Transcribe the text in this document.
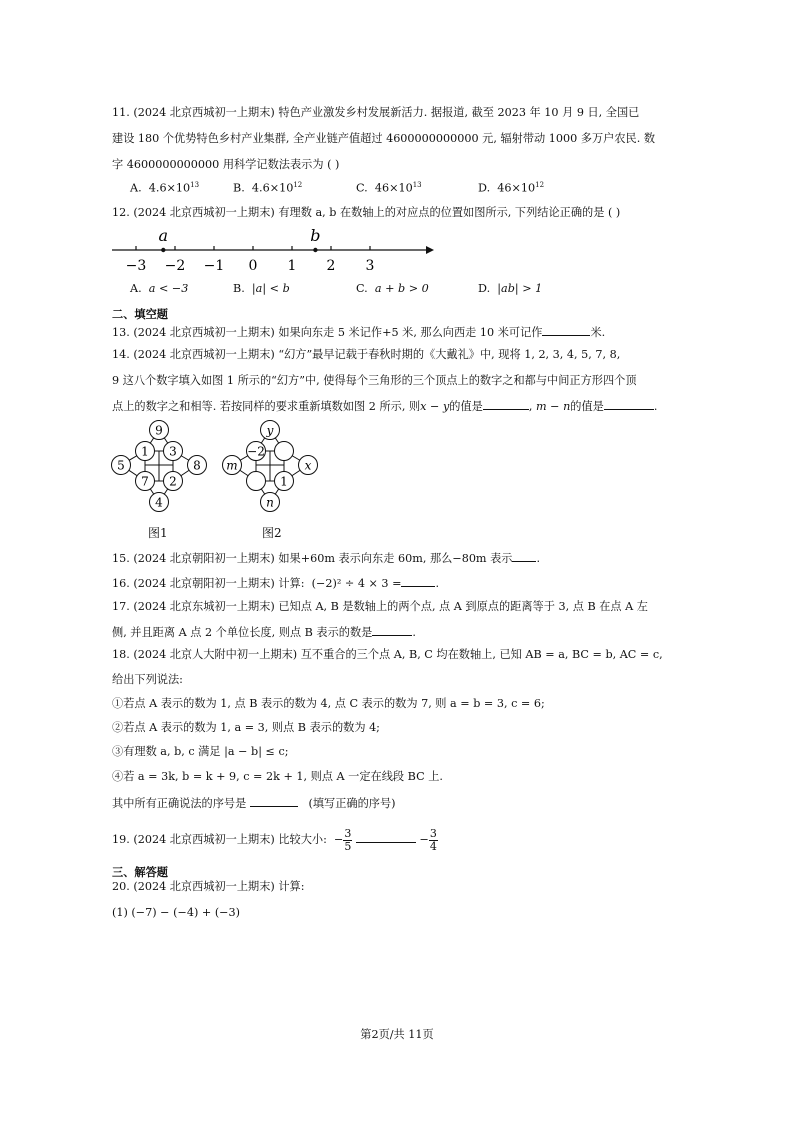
11. (2024 北京西城初一上期末) 特色产业激发乡村发展新活力. 据报道, 截至 2023 年 10 月 9 日, 全国已
建设 180 个优势特色乡村产业集群, 全产业链产值超过 4600000000000 元, 辐射带动 1000 多万户农民. 数
字 4600000000000 用科学记数法表示为 ( )
A. $4.6\times 10^{13}$	B. $4.6\times 10^{12}$	C. $46\times 10^{13}$	D. $46\times 10^{12}$
12. (2024 北京西城初一上期末) 有理数 a, b 在数轴上的对应点的位置如图所示, 下列结论正确的是 ( )
−3 −2 −1 0 1 2 3
a	b
A. a < −3	B. |a| < b	C. a + b > 0	D. |ab| > 1
二、填空题
13. (2024 北京西城初一上期末) 如果向东走 5 米记作+5 米, 那么向西走 10 米可记作	米.
14. (2024 北京西城初一上期末) “幻方”最早记载于春秋时期的《大戴礼》中, 现将 1, 2, 3, 4, 5, 7, 8,
9 这八个数字填入如图 1 所示的“幻方”中, 使得每个三角形的三个顶点上的数字之和都与中间正方形四个顶
点上的数字之和相等. 若按同样的要求重新填数如图 2 所示, 则x − y的值是	, m − n的值是	.
9
1 3
5	8
7 2
4
y
−2
m	x
1
n
图1	图2
15. (2024 北京朝阳初一上期末) 如果+60m 表示向东走 60m, 那么−80m 表示 .
16. (2024 北京朝阳初一上期末) 计算: (−2)² ÷ 4 × 3 =	.
17. (2024 北京东城初一上期末) 已知点 A, B 是数轴上的两个点, 点 A 到原点的距离等于 3, 点 B 在点 A 左
侧, 并且距离 A 点 2 个单位长度, 则点 B 表示的数是	.
18. (2024 北京人大附中初一上期末) 互不重合的三个点 A, B, C 均在数轴上, 已知 AB = a, BC = b, AC = c,
给出下列说法:
①若点 A 表示的数为 1, 点 B 表示的数为 4, 点 C 表示的数为 7, 则 a = b = 3, c = 6;
②若点 A 表示的数为 1, a = 3, 则点 B 表示的数为 4;
③有理数 a, b, c 满足 |a − b| ≤ c;
④若 a = 3k, b = k + 9, c = 2k + 1, 则点 A 一定在线段 BC 上.
其中所有正确说法的序号是	(填写正确的序号)
19. (2024 北京西城初一上期末) 比较大小: − $\frac{3}{5}$	− $\frac{3}{4}$
三、解答题
20. (2024 北京西城初一上期末) 计算:
(1) (−7) − (−4) + (−3)
第2页/共 11页
